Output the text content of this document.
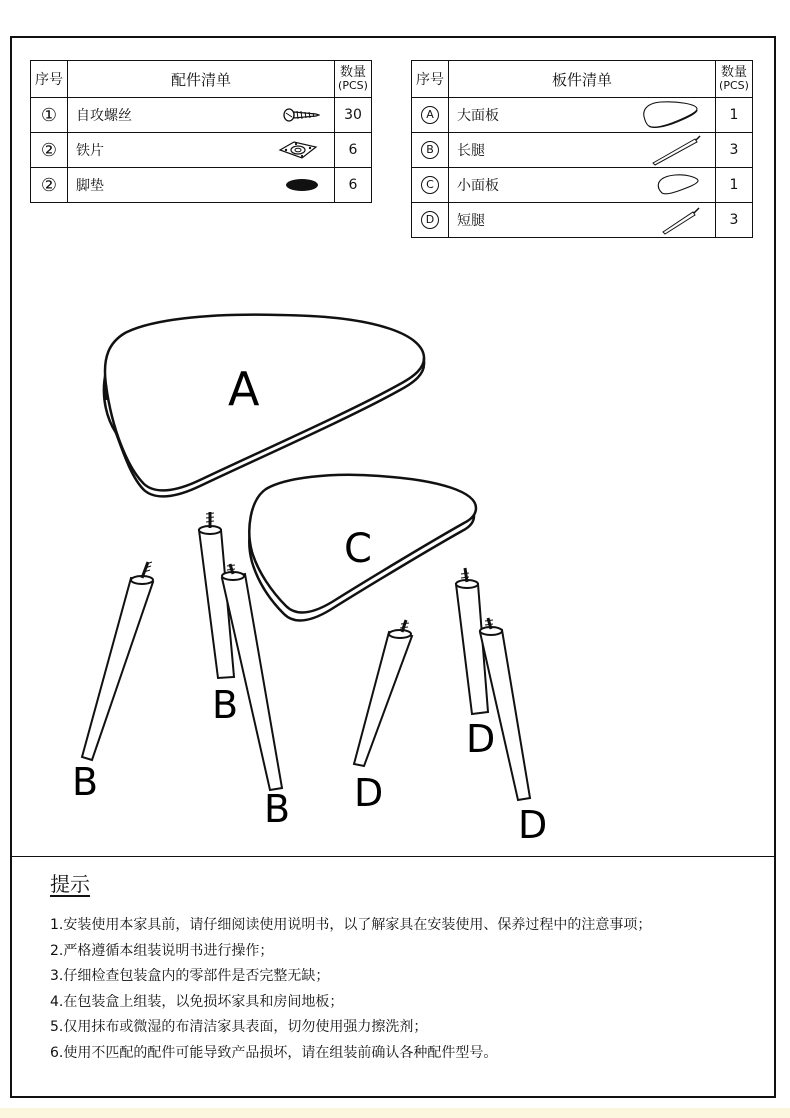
序号	配件清单	数量
(PCS)

①	自攻螺丝	30
②	铁片	6
②	脚垫	6
序号	板件清单	数量
(PCS)

A	大面板	1
B	长腿	3
C	小面板	1
D	短腿	3
A
C
B
B
B D
D
D
提示
1.安装使用本家具前，请仔细阅读使用说明书，以了解家具在安装使用、保养过程中的注意事项；
2.严格遵循本组装说明书进行操作；
3.仔细检查包装盒内的零部件是否完整无缺；
4.在包装盒上组装，以免损坏家具和房间地板；
5.仅用抹布或微湿的布清洁家具表面，切勿使用强力擦洗剂；
6.使用不匹配的配件可能导致产品损坏，请在组装前确认各种配件型号。
